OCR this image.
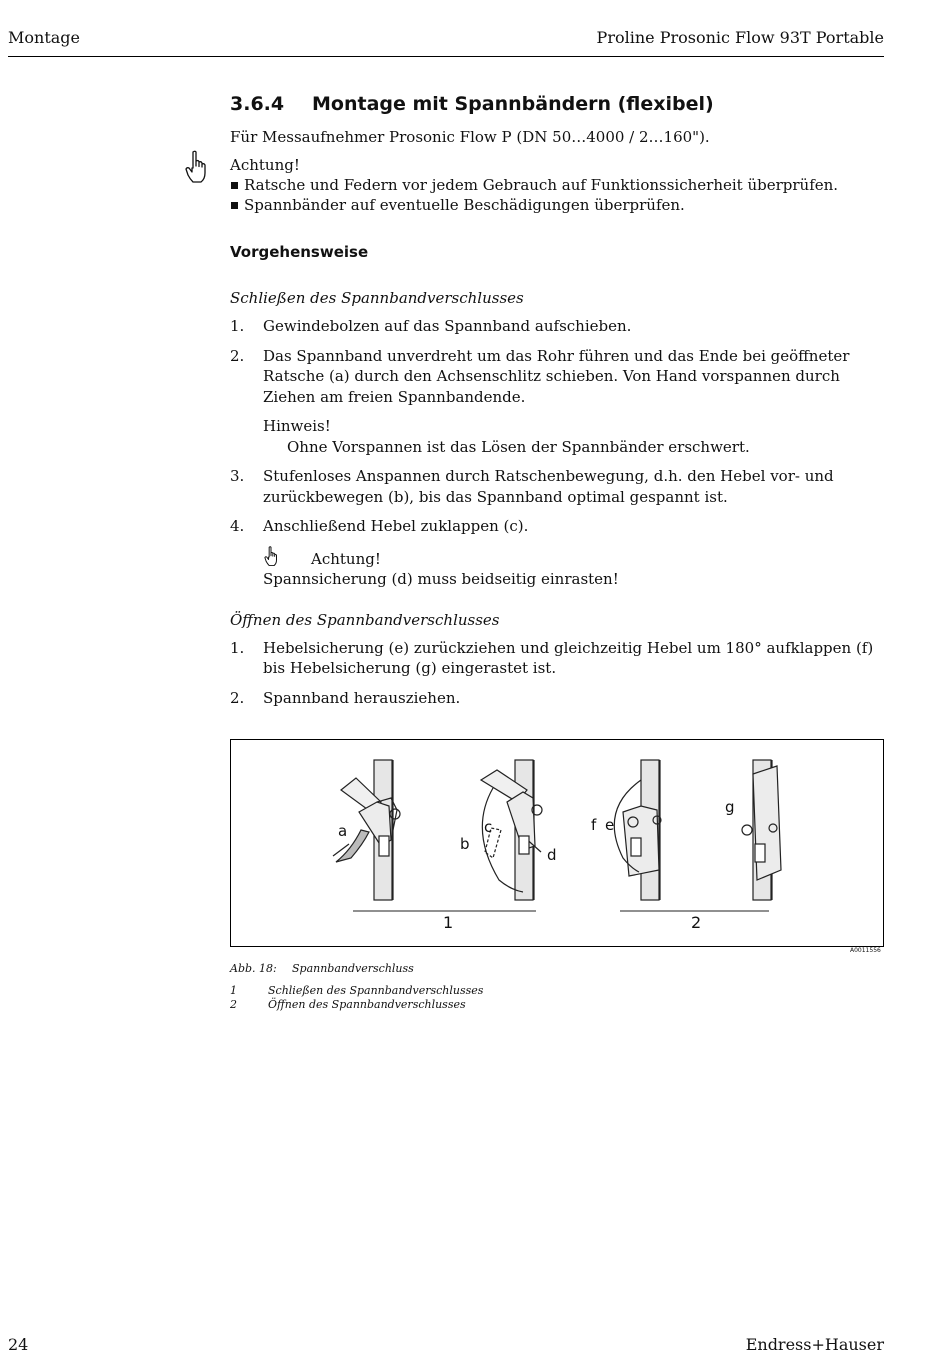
Montage	Proline Prosonic Flow 93T Portable
3.6.4 Montage mit Spannbändern (flexibel)

Für Messaufnehmer Prosonic Flow P (DN 50…4000 / 2…160").

Achtung!

Ratsche und Federn vor jedem Gebrauch auf Funktionssicherheit überprüfen.
Spannbänder auf eventuelle Beschädigungen überprüfen.

Vorgehensweise

Schließen des Spannbandverschlusses

1. Gewindebolzen auf das Spannband aufschieben.
2. Das Spannband unverdreht um das Rohr führen und das Ende bei geöffneter Ratsche (a) durch den Achsenschlitz schieben. Von Hand vorspannen durch Ziehen am freien Spannbandende.
Hinweis!
Ohne Vorspannen ist das Lösen der Spannbänder erschwert.
3. Stufenloses Anspannen durch Ratschenbewegung, d.h. den Hebel vor- und zurückbewegen (b), bis das Spannband optimal gespannt ist.
4. Anschließend Hebel zuklappen (c).
Achtung!
Spannsicherung (d) muss beidseitig einrasten!

Öffnen des Spannbandverschlusses

1. Hebelsicherung (e) zurückziehen und gleichzeitig Hebel um 180° aufklappen (f) bis Hebelsicherung (g) eingerastet ist.
2. Spannband herausziehen.
a
b
c
d
e
f
g
1	2
A0011556
Abb. 18: Spannbandverschluss
1	Schließen des Spannbandverschlusses
2	Öffnen des Spannbandverschlusses
24	Endress+Hauser
